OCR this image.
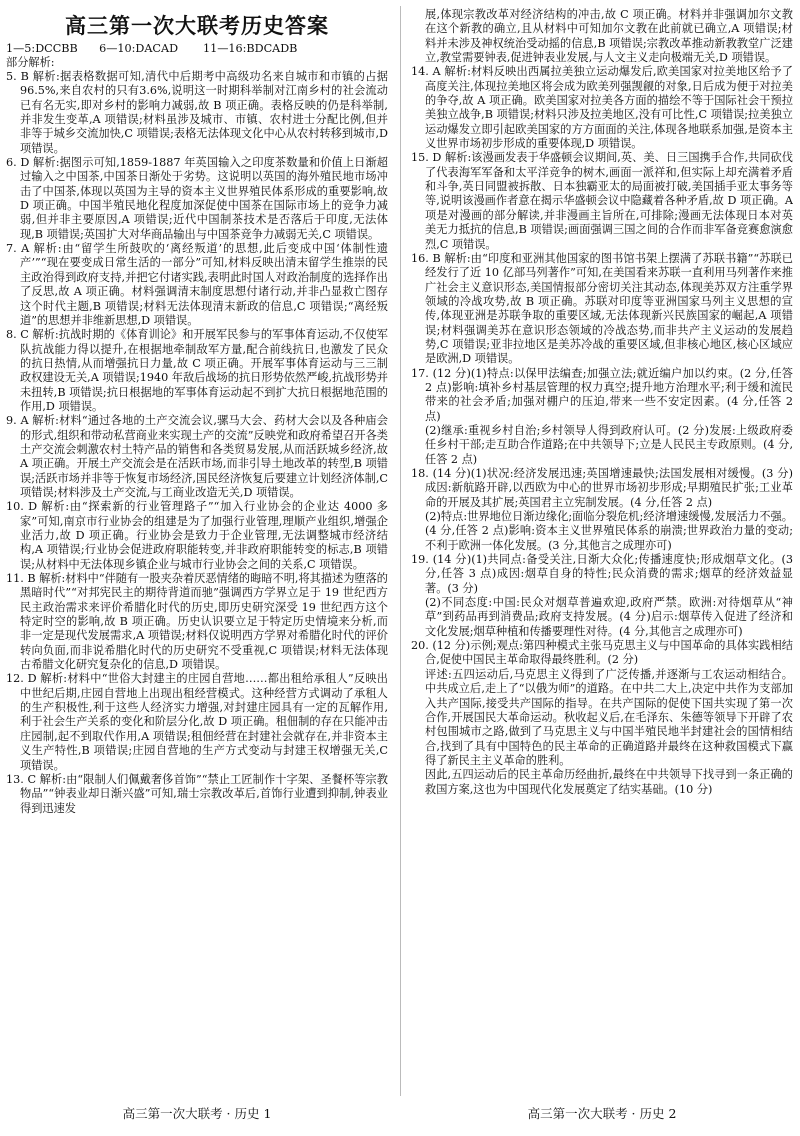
高三第一次大联考历史答案
1—5:DCCBB 6—10:DACAD 11—16:BDCADB
部分解析:

5. B 解析:据表格数据可知,清代中后期考中高级功名来自城市和市镇的占据96.5%,来自农村的只有3.6%,说明这一时期科举制对江南乡村的社会流动已有名无实,即对乡村的影响力减弱,故 B 项正确。表格反映的仍是科举制,并非发生变革,A 项错误;材料虽涉及城市、市镇、农村进士分配比例,但并非等于城乡交流加快,C 项错误;表格无法体现文化中心从农村转移到城市,D 项错误。

6. D 解析:据图示可知,1859-1887 年英国输入之印度茶数量和价值上日渐超过输入之中国茶,中国茶日渐处于劣势。这说明以英国的海外殖民地市场冲击了中国茶,体现以英国为主导的资本主义世界殖民体系形成的重要影响,故 D 项正确。中国半殖民地化程度加深促使中国茶在国际市场上的竞争力减弱,但并非主要原因,A 项错误;近代中国制茶技术是否落后于印度,无法体现,B 项错误;英国扩大对华商品输出与中国茶竞争力减弱无关,C 项错误。

7. A 解析:由“留学生所鼓吹的‘离经叛道’的思想,此后变成中国‘体制性遗产’”“现在要变成日常生活的一部分”可知,材料反映出清末留学生推崇的民主政治得到政府支持,并把它付诸实践,表明此时国人对政治制度的选择作出了反思,故 A 项正确。材料强调清末制度思想付诸行动,并非凸显救亡图存这个时代主题,B 项错误;材料无法体现清末新政的信息,C 项错误;“离经叛道”的思想并非维新思想,D 项错误。

8. C 解析:抗战时期的《体育训论》和开展军民参与的军事体育运动,不仅使军队抗战能力得以提升,在根据地牵制敌军方量,配合前线抗日,也激发了民众的抗日热情,从而增强抗日力量,故 C 项正确。开展军事体育运动与三三制政权建设无关,A 项错误;1940 年敌后战场的抗日形势依然严峻,抗战形势并未扭转,B 项错误;抗日根据地的军事体育运动起不到扩大抗日根据地范围的作用,D 项错误。

9. A 解析:材料“通过各地的土产交流会议,骡马大会、药材大会以及各种庙会的形式,组织和带动私营商业来实现土产的交流”反映党和政府希望召开各类土产交流会刺激农村土特产品的销售和各类贸易发展,从而活跃城乡经济,故 A 项正确。开展土产交流会是在活跃市场,而非引导土地改革的转型,B 项错误;活跃市场并非等于恢复市场经济,国民经济恢复后要建立计划经济体制,C 项错误;材料涉及土产交流,与工商业改造无关,D 项错误。

10. D 解析:由“探索新的行业管理路子”“加入行业协会的企业达 4000 多家”可知,南京市行业协会的组建是为了加强行业管理,理顺产业组织,增强企业活力,故 D 项正确。行业协会是致力于企业管理,无法调整城市经济结构,A 项错误;行业协会促进政府职能转变,并非政府职能转变的标志,B 项错误;从材料中无法体现乡镇企业与城市行业协会之间的关系,C 项错误。

11. B 解析:材料中“伴随有一股夹杂着厌恶情绪的晦暗不明,将其描述为堕落的黑暗时代”“对邦宪民主的期待背道而驰”强调西方学界立足于 19 世纪西方民主政治需求来评价希腊化时代的历史,即历史研究深受 19 世纪西方这个特定时空的影响,故 B 项正确。历史认识要立足于特定历史情境来分析,而非一定是现代发展需求,A 项错误;材料仅说明西方学界对希腊化时代的评价转向负面,而非说希腊化时代的历史研究不受重视,C 项错误;材料无法体现古希腊文化研究复杂化的信息,D 项错误。

12. D 解析:材料中“世俗大封建主的庄园自营地……都出租给承租人”反映出中世纪后期,庄园自营地上出现出租经营模式。这种经营方式调动了承租人的生产积极性,利于这些人经济实力增强,对封建庄园具有一定的瓦解作用,利于社会生产关系的变化和阶层分化,故 D 项正确。租佃制的存在只能冲击庄园制,起不到取代作用,A 项错误;租佃经营在封建社会就存在,并非资本主义生产特性,B 项错误;庄园自营地的生产方式变动与封建王权增强无关,C 项错误。

13. C 解析:由“限制人们佩戴奢侈首饰”“禁止工匠制作十字架、圣餐杯等宗教物品”“钟表业却日渐兴盛”可知,瑞士宗教改革后,首饰行业遭到抑制,钟表业得到迅速发

展,体现宗教改革对经济结构的冲击,故 C 项正确。材料并非强调加尔文教在这个新教的确立,且从材料中可知加尔文教在此前就已确立,A 项错误;材料并未涉及神权统治受动摇的信息,B 项错误;宗教改革推动新教教堂广泛建立,教堂需要钟表,促进钟表业发展,与人文主义走向极端无关,D 项错误。

14. A 解析:材料反映出西属拉美独立运动爆发后,欧美国家对拉美地区给予了高度关注,体现拉美地区将会成为欧美列强觊觎的对象,日后成为便于对拉美的争夺,故 A 项正确。欧美国家对拉美各方面的描绘不等于国际社会干预拉美独立战争,B 项错误;材料只涉及拉美地区,没有可比性,C 项错误;拉美独立运动爆发立即引起欧美国家的方方面面的关注,体现各地联系加强,是资本主义世界市场初步形成的重要体现,D 项错误。

15. D 解析:该漫画发表于华盛顿会议期间,英、美、日三国携手合作,共同砍伐了代表海军军备和太平洋竞争的树木,画面一派祥和,但实际上却充满着矛盾和斗争,英日同盟被拆散、日本独霸亚太的局面被打破,美国插手亚太事务等等,说明该漫画作者意在揭示华盛顿会议中隐藏着各种矛盾,故 D 项正确。A 项是对漫画的部分解读,并非漫画主旨所在,可排除;漫画无法体现日本对英美无力抵抗的信息,B 项错误;画面强调三国之间的合作而非军备竞赛愈演愈烈,C 项错误。

16. B 解析:由“印度和亚洲其他国家的图书馆书架上摆满了苏联书籍”“苏联已经发行了近 10 亿部马列著作”可知,在美国看来苏联一直利用马列著作来推广社会主义意识形态,美国情报部分密切关注其动态,体现美苏双方注重学界领域的冷战攻势,故 B 项正确。苏联对印度等亚洲国家马列主义思想的宣传,体现亚洲是苏联争取的重要区域,无法体现新兴民族国家的崛起,A 项错误;材料强调美苏在意识形态领域的冷战态势,而非共产主义运动的发展趋势,C 项错误;亚非拉地区是美苏冷战的重要区域,但非核心地区,核心区域应是欧洲,D 项错误。

17. (12 分)(1)特点:以保甲法编查;加强立法;就近编户加以约束。(2 分,任答 2 点)影响:填补乡村基层管理的权力真空;提升地方治理水平;利于缓和流民带来的社会矛盾;加强对棚户的压迫,带来一些不安定因素。(4 分,任答 2 点)

(2)继承:重视乡村自治;乡村领导人得到政府认可。(2 分)发展:上级政府委任乡村干部;走互助合作道路;在中共领导下;立是人民民主专政原则。(4 分,任答 2 点)

18. (14 分)(1)状况:经济发展迅速;英国增速最快;法国发展相对缓慢。(3 分)成因:新航路开辟,以西欧为中心的世界市场初步形成;早期殖民扩张;工业革命的开展及其扩展;英国君主立宪制发展。(4 分,任答 2 点)

(2)特点:世界地位日渐边缘化;面临分裂危机;经济增速缓慢,发展活力不强。(4 分,任答 2 点)影响:资本主义世界殖民体系的崩溃;世界政治力量的变动;不利于欧洲一体化发展。(3 分,其他言之成理亦可)

19. (14 分)(1)共同点:备受关注,日渐大众化;传播速度快;形成烟草文化。(3 分,任答 3 点)成因:烟草自身的特性;民众消费的需求;烟草的经济效益显著。(3 分)

(2)不同态度:中国:民众对烟草普遍欢迎,政府严禁。欧洲:对待烟草从“神草”到药品再到消费品;政府支持发展。(4 分)启示:烟草传入促进了经济和文化发展;烟草种植和传播要理性对待。(4 分,其他言之成理亦可)

20. (12 分)示例;观点:第四种模式主张马克思主义与中国革命的具体实践相结合,促使中国民主革命取得最终胜利。(2 分)

评述:五四运动后,马克思主义得到了广泛传播,并逐渐与工农运动相结合。中共成立后,走上了“以俄为师”的道路。在中共二大上,决定中共作为支部加入共产国际,接受共产国际的指导。在共产国际的促使下国共实现了第一次合作,开展国民大革命运动。秋收起义后,在毛泽东、朱德等领导下开辟了农村包围城市之路,做到了马克思主义与中国半殖民地半封建社会的国情相结合,找到了具有中国特色的民主革命的正确道路并最终在这种救国模式下赢得了新民主主义革命的胜利。

因此,五四运动后的民主革命历经曲折,最终在中共领导下找寻到一条正确的救国方案,这也为中国现代化发展奠定了结实基础。(10 分)

高三第一次大联考 · 历史 1	高三第一次大联考 · 历史 2
